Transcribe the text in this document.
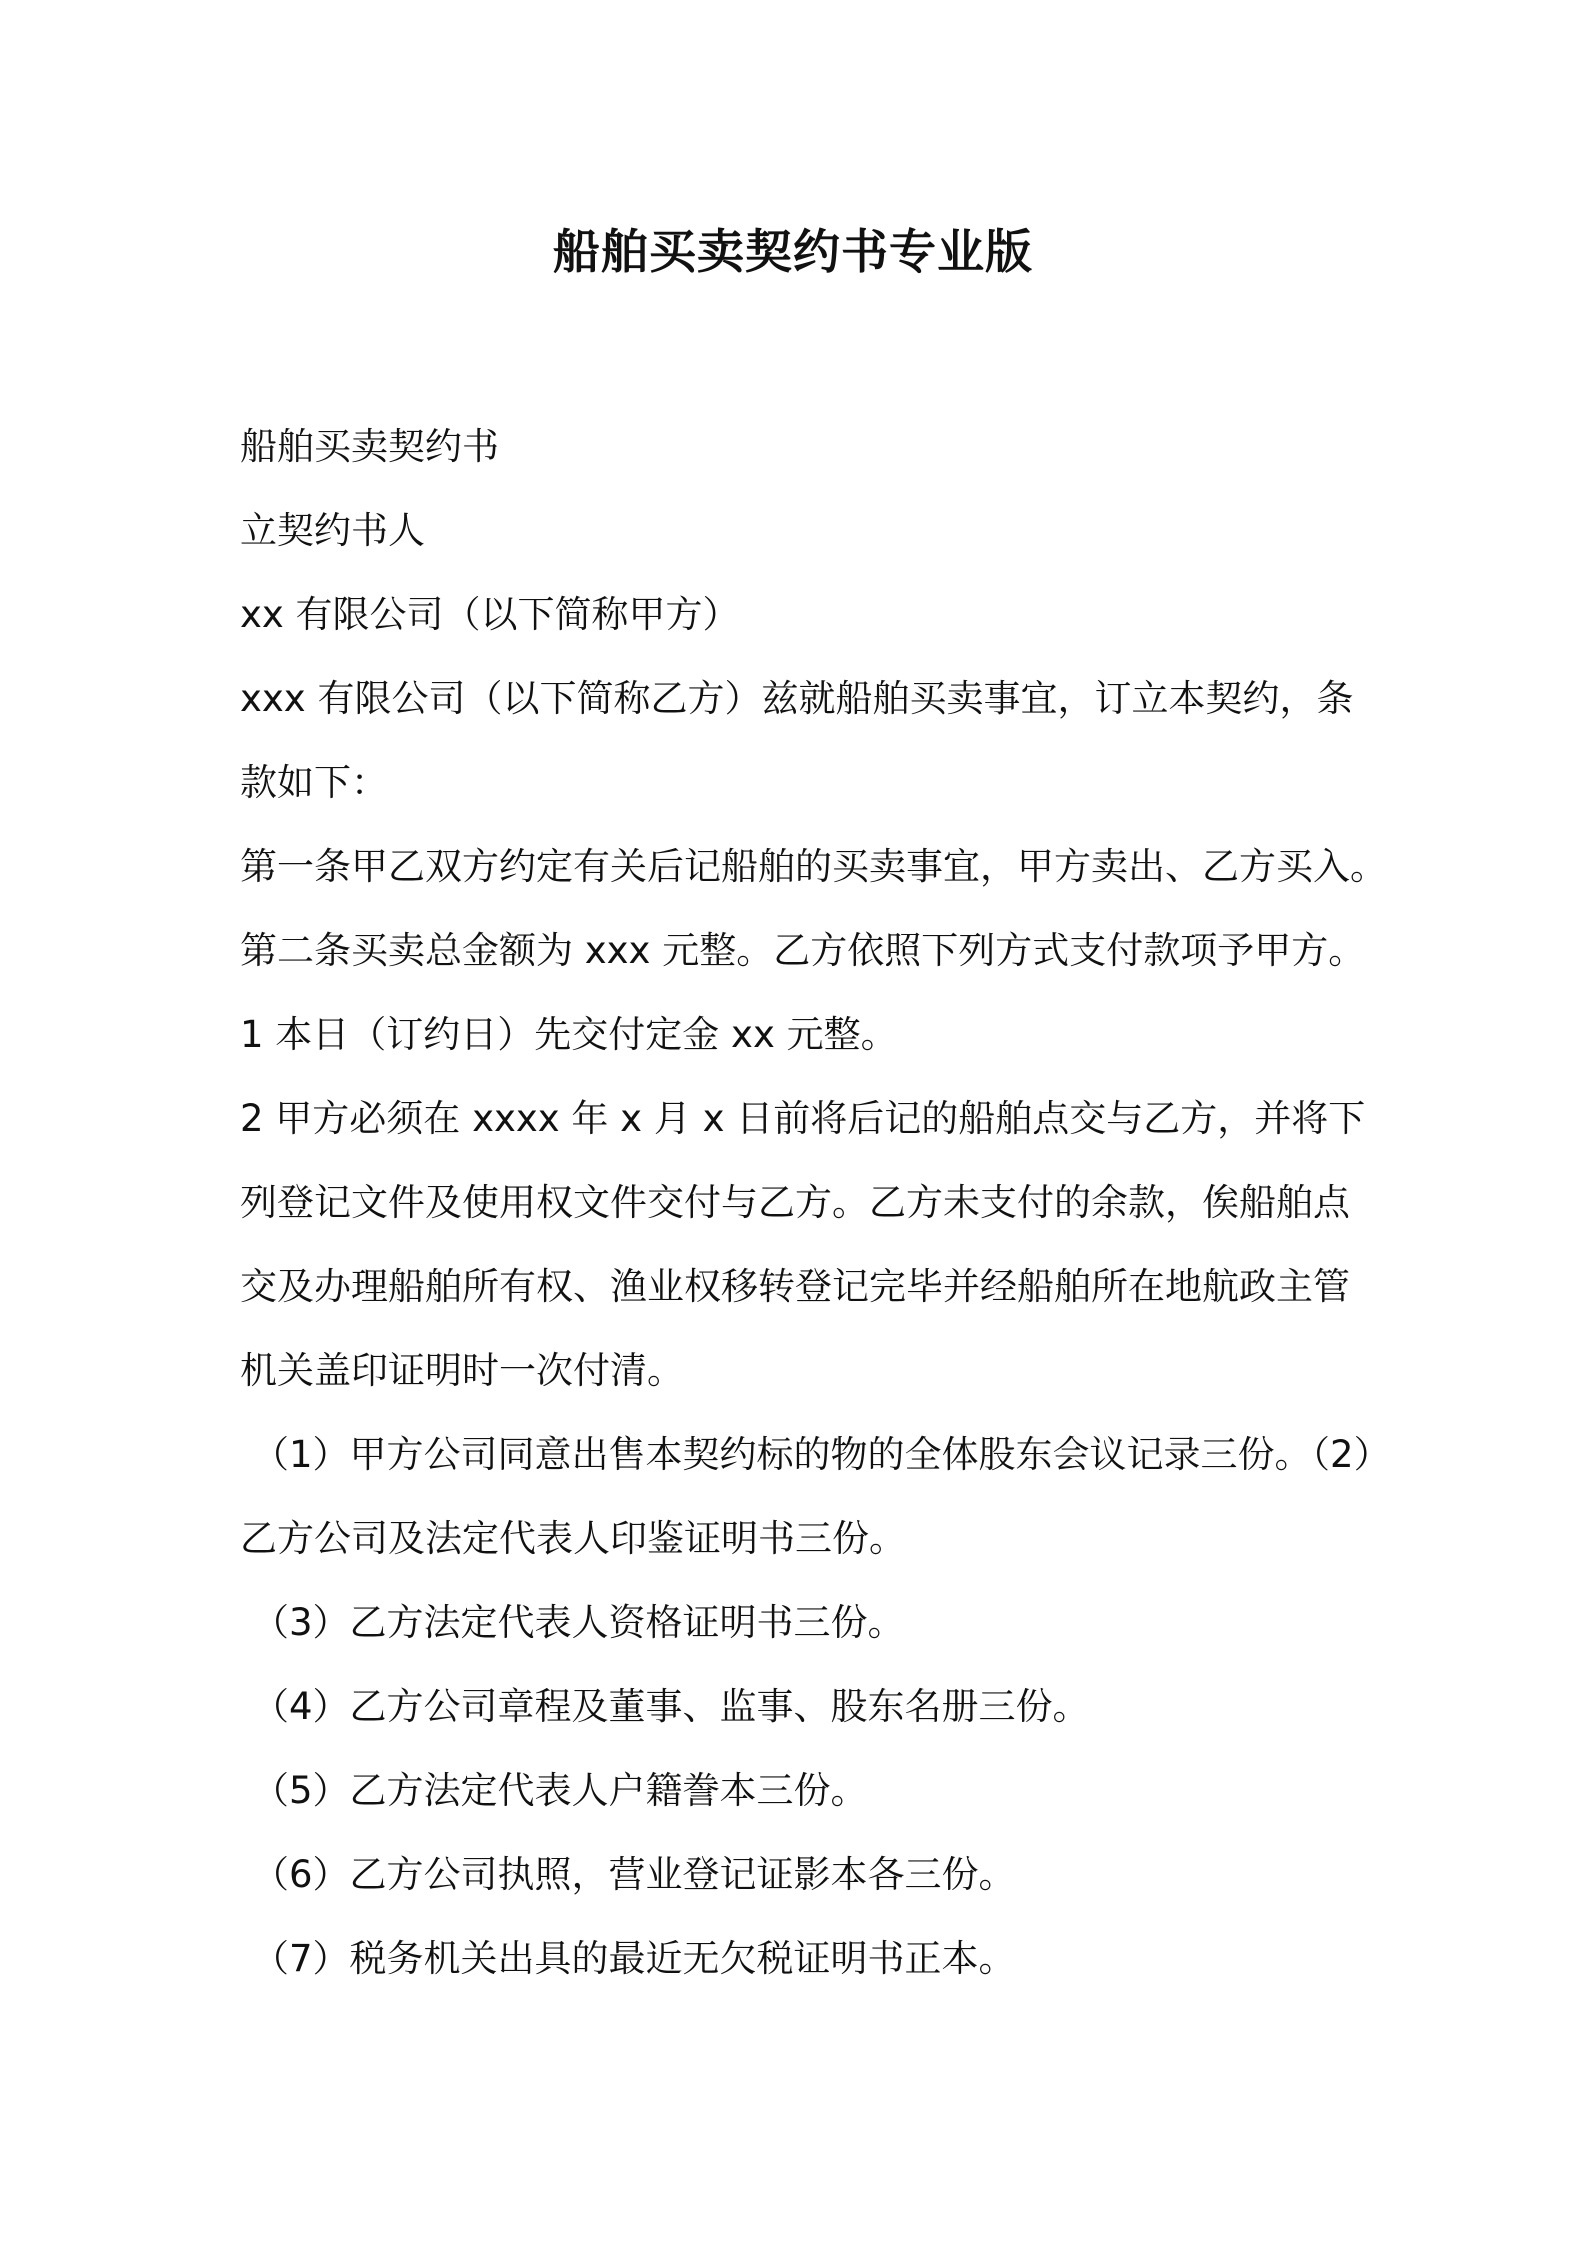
船舶买卖契约书专业版

船舶买卖契约书

立契约书人

xx 有限公司（以下简称甲方）

xxx 有限公司（以下简称乙方）兹就船舶买卖事宜，订立本契约，条

款如下：

第一条甲乙双方约定有关后记船舶的买卖事宜，甲方卖出、乙方买入。

第二条买卖总金额为 xxx 元整。乙方依照下列方式支付款项予甲方。

1 本日（订约日）先交付定金 xx 元整。

2 甲方必须在 xxxx 年 x 月 x 日前将后记的船舶点交与乙方，并将下

列登记文件及使用权文件交付与乙方。乙方未支付的余款，俟船舶点

交及办理船舶所有权、渔业权移转登记完毕并经船舶所在地航政主管

机关盖印证明时一次付清。

（1）甲方公司同意出售本契约标的物的全体股东会议记录三份。（2）

乙方公司及法定代表人印鉴证明书三份。

（3）乙方法定代表人资格证明书三份。

（4）乙方公司章程及董事、监事、股东名册三份。

（5）乙方法定代表人户籍誊本三份。

（6）乙方公司执照，营业登记证影本各三份。

（7）税务机关出具的最近无欠税证明书正本。
